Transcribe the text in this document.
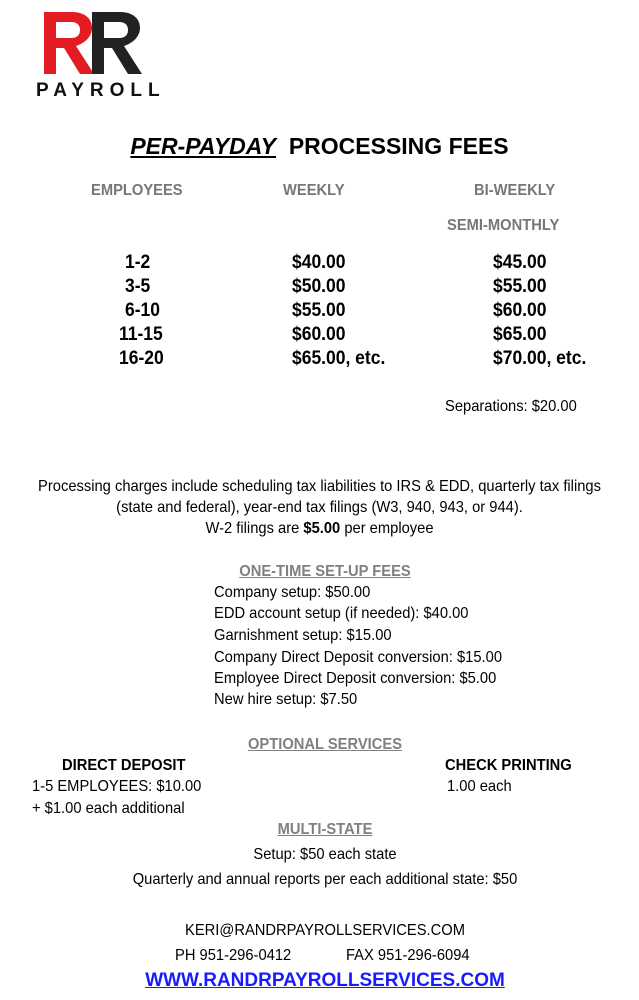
PAYROLL
PER-PAYDAY PROCESSING FEES
EMPLOYEES	WEEKLY	BI-WEEKLY
SEMI-MONTHLY
1-2	$40.00	$45.00
3-5	$50.00	$55.00
6-10	$55.00	$60.00
11-15	$60.00	$65.00
16-20	$65.00, etc.	$70.00, etc.
Separations: $20.00
Processing charges include scheduling tax liabilities to IRS & EDD, quarterly tax filings
(state and federal), year-end tax filings (W3, 940, 943, or 944).
W-2 filings are $5.00 per employee
ONE-TIME SET-UP FEES
Company setup: $50.00
EDD account setup (if needed): $40.00
Garnishment setup: $15.00
Company Direct Deposit conversion: $15.00
Employee Direct Deposit conversion: $5.00
New hire setup: $7.50
OPTIONAL SERVICES
DIRECT DEPOSIT
1-5 EMPLOYEES: $10.00
+ $1.00 each additional
CHECK PRINTING
1.00 each
MULTI-STATE
Setup: $50 each state
Quarterly and annual reports per each additional state: $50
KERI@RANDRPAYROLLSERVICES.COM
PH 951-296-0412	FAX 951-296-6094
WWW.RANDRPAYROLLSERVICES.COM
